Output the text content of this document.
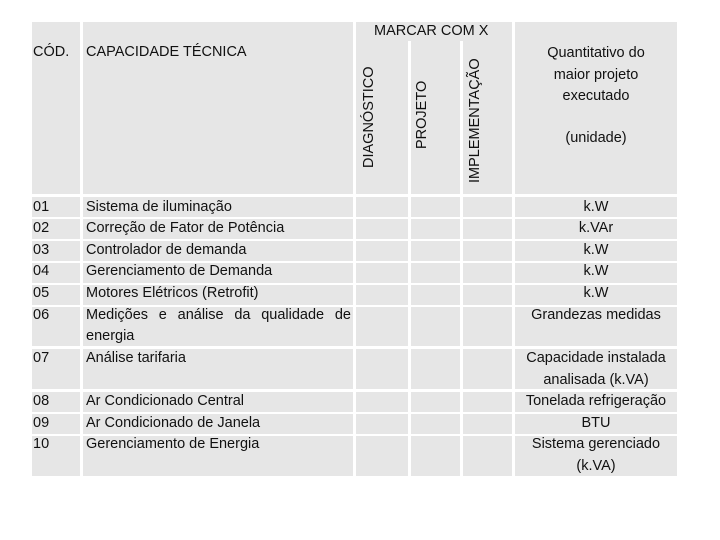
CÓD. CAPACIDADE TÉCNICA
MARCAR COM X
DIAGNÓSTICO	PROJETO	IMPLEMENTAÇÃO
Quantitativo do
maior projeto
executado
(unidade)
01
02
03
04
05
06
07
08
09
10
Sistema de iluminação
Correção de Fator de Potência
Controlador de demanda
Gerenciamento de Demanda
Motores Elétricos (Retrofit)
Medições e análise da qualidade de
energia
Análise tarifaria
Ar Condicionado Central
Ar Condicionado de Janela
Gerenciamento de Energia
k.W
k.VAr
k.W
k.W
k.W
Grandezas medidas
Capacidade instalada
analisada (k.VA)
Tonelada refrigeração
BTU
Sistema gerenciado
(k.VA)
